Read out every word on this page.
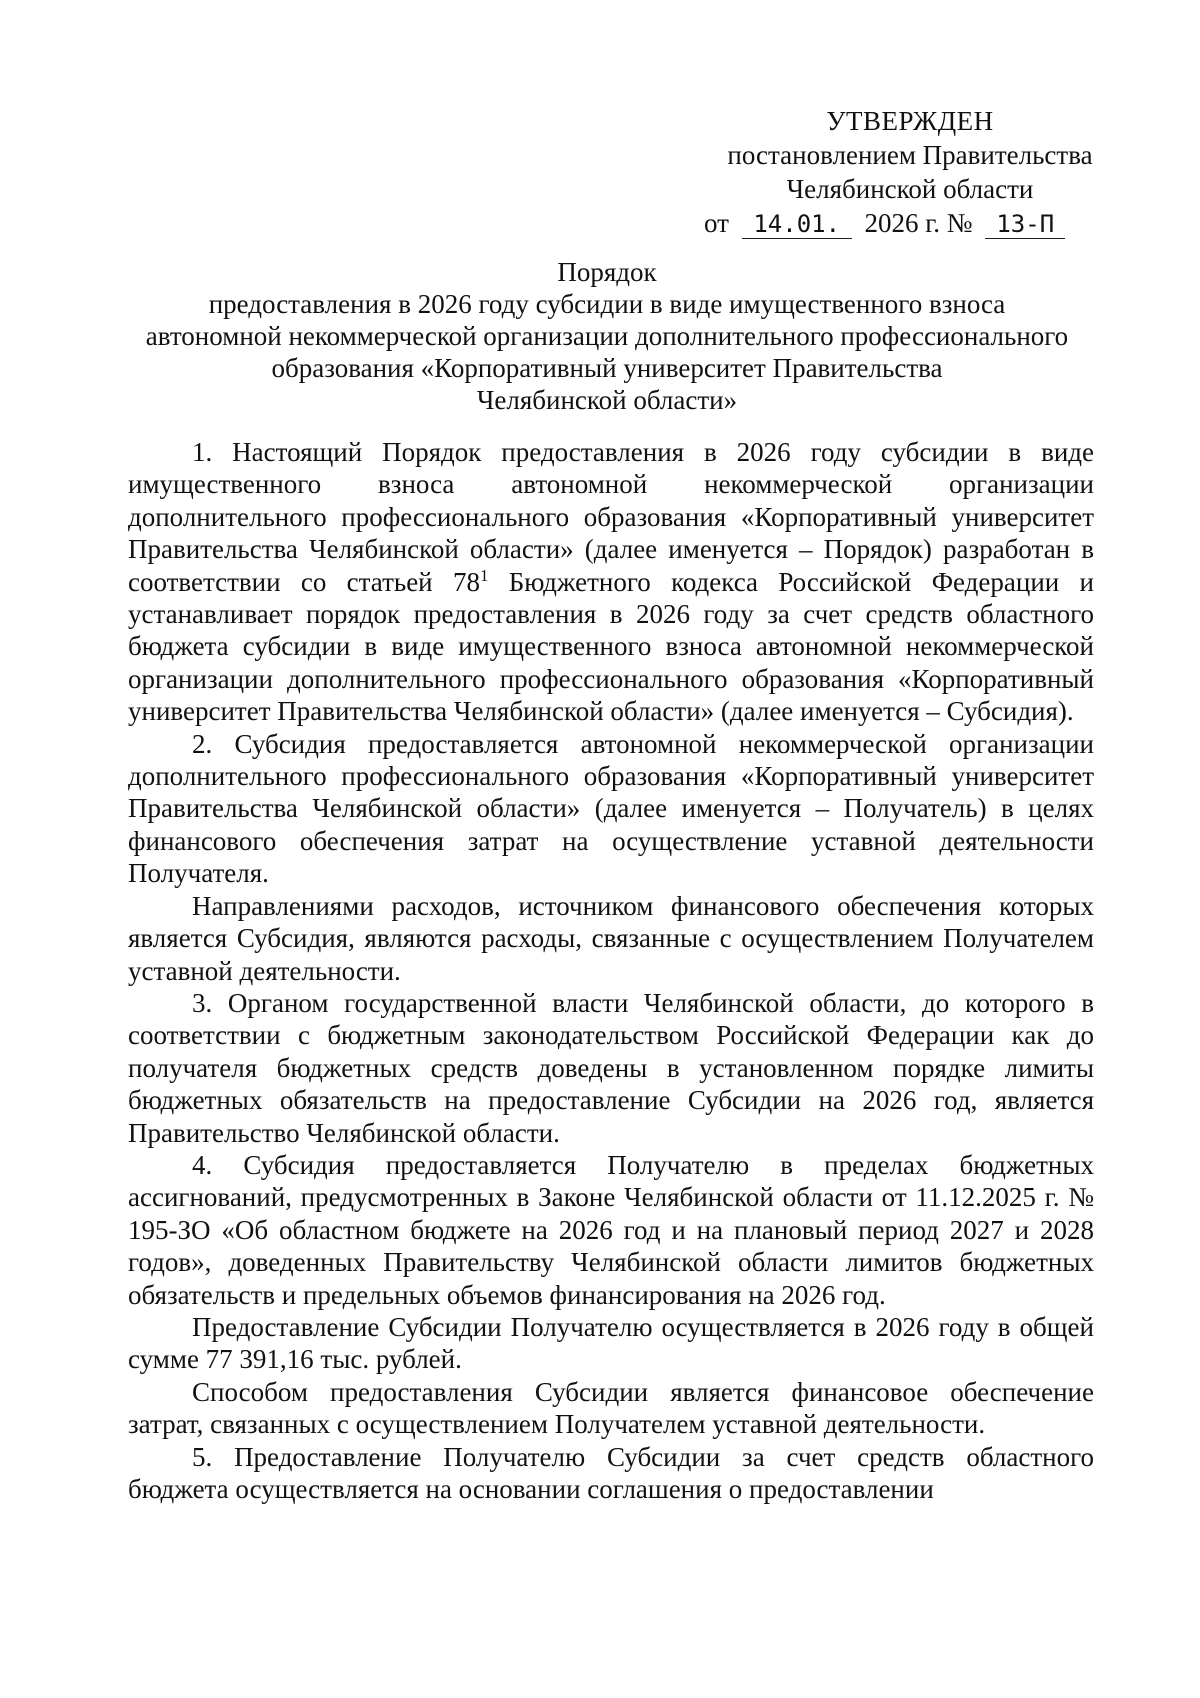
УТВЕРЖДЕН
постановлением Правительства
Челябинской области
от 14.01. 2026 г. № 13-П
Порядок
предоставления в 2026 году субсидии в виде имущественного взноса
автономной некоммерческой организации дополнительного профессионального
образования «Корпоративный университет Правительства
Челябинской области»

1. Настоящий Порядок предоставления в 2026 году субсидии в виде имущественного взноса автономной некоммерческой организации дополнительного профессионального образования «Корпоративный университет Правительства Челябинской области» (далее именуется – Порядок) разработан в соответствии со статьей $78^1$ Бюджетного кодекса Российской Федерации и устанавливает порядок предоставления в 2026 году за счет средств областного бюджета субсидии в виде имущественного взноса автономной некоммерческой организации дополнительного профессионального образования «Корпоративный университет Правительства Челябинской области» (далее именуется – Субсидия).

2. Субсидия предоставляется автономной некоммерческой организации дополнительного профессионального образования «Корпоративный университет Правительства Челябинской области» (далее именуется – Получатель) в целях финансового обеспечения затрат на осуществление уставной деятельности Получателя.

Направлениями расходов, источником финансового обеспечения которых является Субсидия, являются расходы, связанные с осуществлением Получателем уставной деятельности.

3. Органом государственной власти Челябинской области, до которого в соответствии с бюджетным законодательством Российской Федерации как до получателя бюджетных средств доведены в установленном порядке лимиты бюджетных обязательств на предоставление Субсидии на 2026 год, является Правительство Челябинской области.

4. Субсидия предоставляется Получателю в пределах бюджетных ассигнований, предусмотренных в Законе Челябинской области от 11.12.2025 г. № 195-ЗО «Об областном бюджете на 2026 год и на плановый период 2027 и 2028 годов», доведенных Правительству Челябинской области лимитов бюджетных обязательств и предельных объемов финансирования на 2026 год.

Предоставление Субсидии Получателю осуществляется в 2026 году в общей сумме 77 391,16 тыс. рублей.

Способом предоставления Субсидии является финансовое обеспечение затрат, связанных с осуществлением Получателем уставной деятельности.

5. Предоставление Получателю Субсидии за счет средств областного бюджета осуществляется на основании соглашения о предоставлении
